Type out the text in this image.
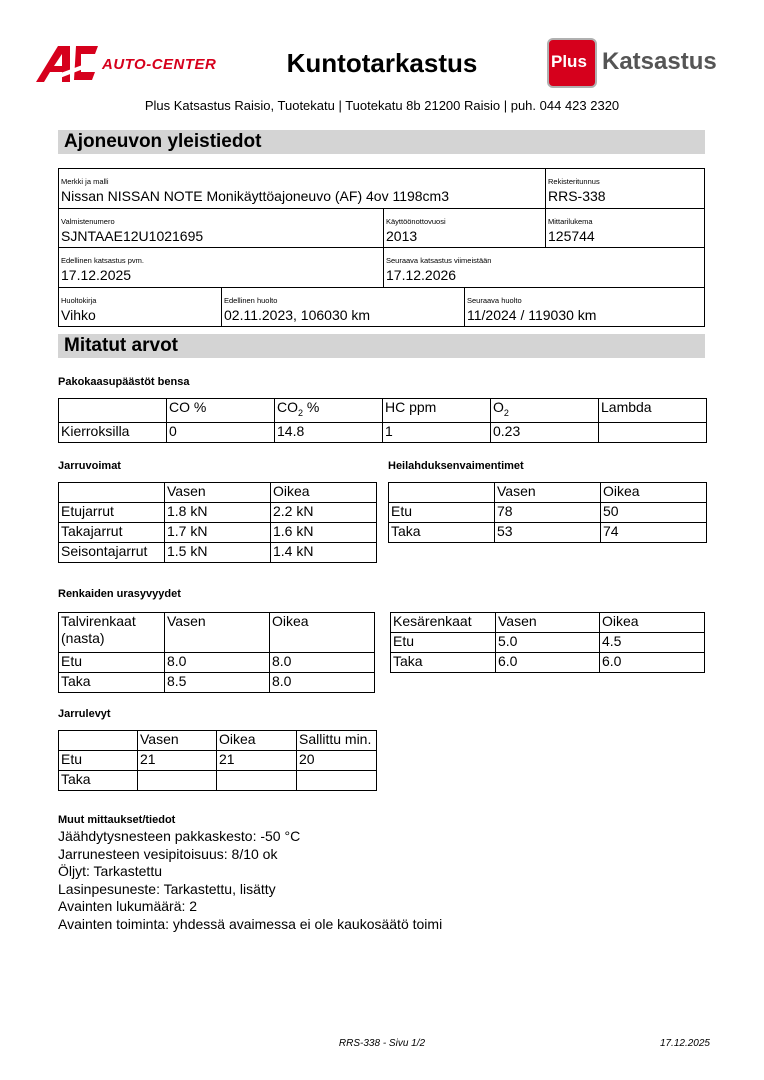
AUTO-CENTER	Kuntotarkastus	Plus Katsastus
Plus Katsastus Raisio, Tuotekatu | Tuotekatu 8b 21200 Raisio | puh. 044 423 2320
Ajoneuvon yleistiedot
Merkki ja malli
Nissan NISSAN NOTE Monikäyttöajoneuvo (AF) 4ov 1198cm3
Rekisteritunnus
RRS-338
Valmistenumero
SJNTAAE12U1021695
Käyttöönottovuosi
2013
Mittarilukema
125744
Edellinen katsastus pvm.
17.12.2025
Seuraava katsastus viimeistään
17.12.2026
Huoltokirja
Vihko
Edellinen huolto
02.11.2023, 106030 km
Seuraava huolto
11/2024 / 119030 km
Mitatut arvot
Pakokaasupäästöt bensa
	CO %	$CO_2$ %	HC ppm	$O_2$	Lambda
Kierroksilla	0	14.8	1	0.23	
Jarruvoimat
	Vasen	Oikea
Etujarrut	1.8 kN	2.2 kN
Takajarrut	1.7 kN	1.6 kN
Seisontajarrut	1.5 kN	1.4 kN
Heilahduksenvaimentimet
	Vasen	Oikea
Etu	78	50
Taka	53	74
Renkaiden urasyvyydet
Talvirenkaat (nasta)	Vasen	Oikea
Etu	8.0	8.0
Taka	8.5	8.0
Kesärenkaat	Vasen	Oikea
Etu	5.0	4.5
Taka	6.0	6.0
Jarrulevyt
	Vasen	Oikea	Sallittu min.
Etu	21	21	20
Taka			
Muut mittaukset/tiedot
Jäähdytysnesteen pakkaskesto: -50 °C
Jarrunesteen vesipitoisuus: 8/10 ok
Öljyt: Tarkastettu
Lasinpesuneste: Tarkastettu, lisätty
Avainten lukumäärä: 2
Avainten toiminta: yhdessä avaimessa ei ole kaukosäätö toimi
RRS-338 - Sivu 1/2	17.12.2025
